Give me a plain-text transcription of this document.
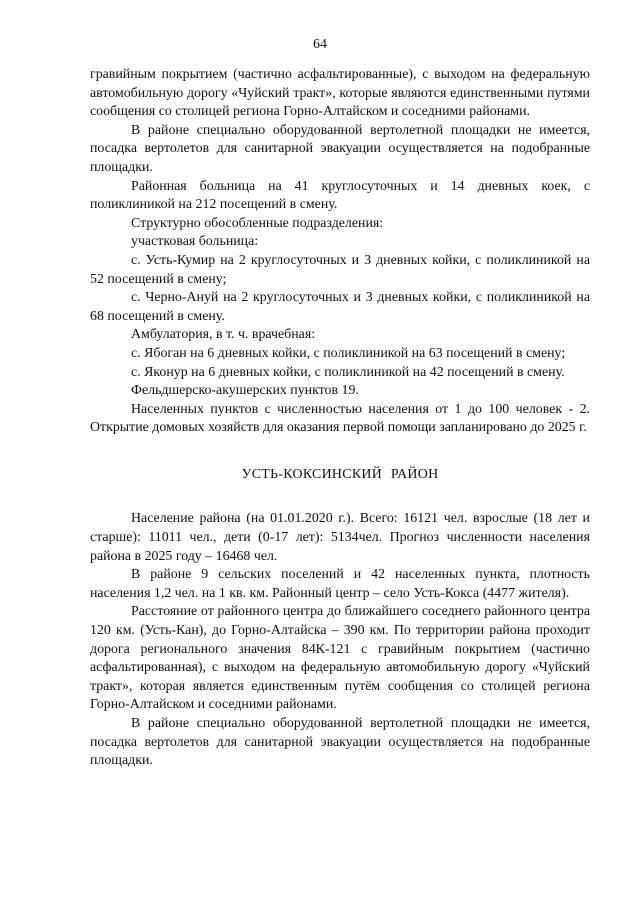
64

гравийным покрытием (частично асфальтированные), с выходом на федеральную автомобильную дорогу «Чуйский тракт», которые являются единственными путями сообщения со столицей региона Горно-Алтайском и соседними районами.

В районе специально оборудованной вертолетной площадки не имеется, посадка вертолетов для санитарной эвакуации осуществляется на подобранные площадки.

Районная больница на 41 круглосуточных и 14 дневных коек, с поликлиникой на 212 посещений в смену.

Структурно обособленные подразделения:

участковая больница:

с. Усть-Кумир на 2 круглосуточных и 3 дневных койки, с поликлиникой на 52 посещений в смену;

с. Черно-Ануй на 2 круглосуточных и 3 дневных койки, с поликлиникой на 68 посещений в смену.

Амбулатория, в т. ч. врачебная:

с. Ябоган на 6 дневных койки, с поликлиникой на 63 посещений в смену;

с. Яконур на 6 дневных койки, с поликлиникой на 42 посещений в смену.

Фельдшерско-акушерских пунктов 19.

Населенных пунктов с численностью населения от 1 до 100 человек - 2. Открытие домовых хозяйств для оказания первой помощи запланировано до 2025 г.

УСТЬ-КОКСИНСКИЙ РАЙОН

Население района (на 01.01.2020 г.). Всего: 16121 чел. взрослые (18 лет и старше): 11011 чел., дети (0-17 лет): 5134чел. Прогноз численности населения района в 2025 году – 16468 чел.

В районе 9 сельских поселений и 42 населенных пункта, плотность населения 1,2 чел. на 1 кв. км. Районный центр – село Усть-Кокса (4477 жителя).

Расстояние от районного центра до ближайшего соседнего районного центра 120 км. (Усть-Кан), до Горно-Алтайска – 390 км. По территории района проходит дорога регионального значения 84К-121 с гравийным покрытием (частично асфальтированная), с выходом на федеральную автомобильную дорогу «Чуйский тракт», которая является единственным путём сообщения со столицей региона Горно-Алтайском и соседними районами.

В районе специально оборудованной вертолетной площадки не имеется, посадка вертолетов для санитарной эвакуации осуществляется на подобранные площадки.
